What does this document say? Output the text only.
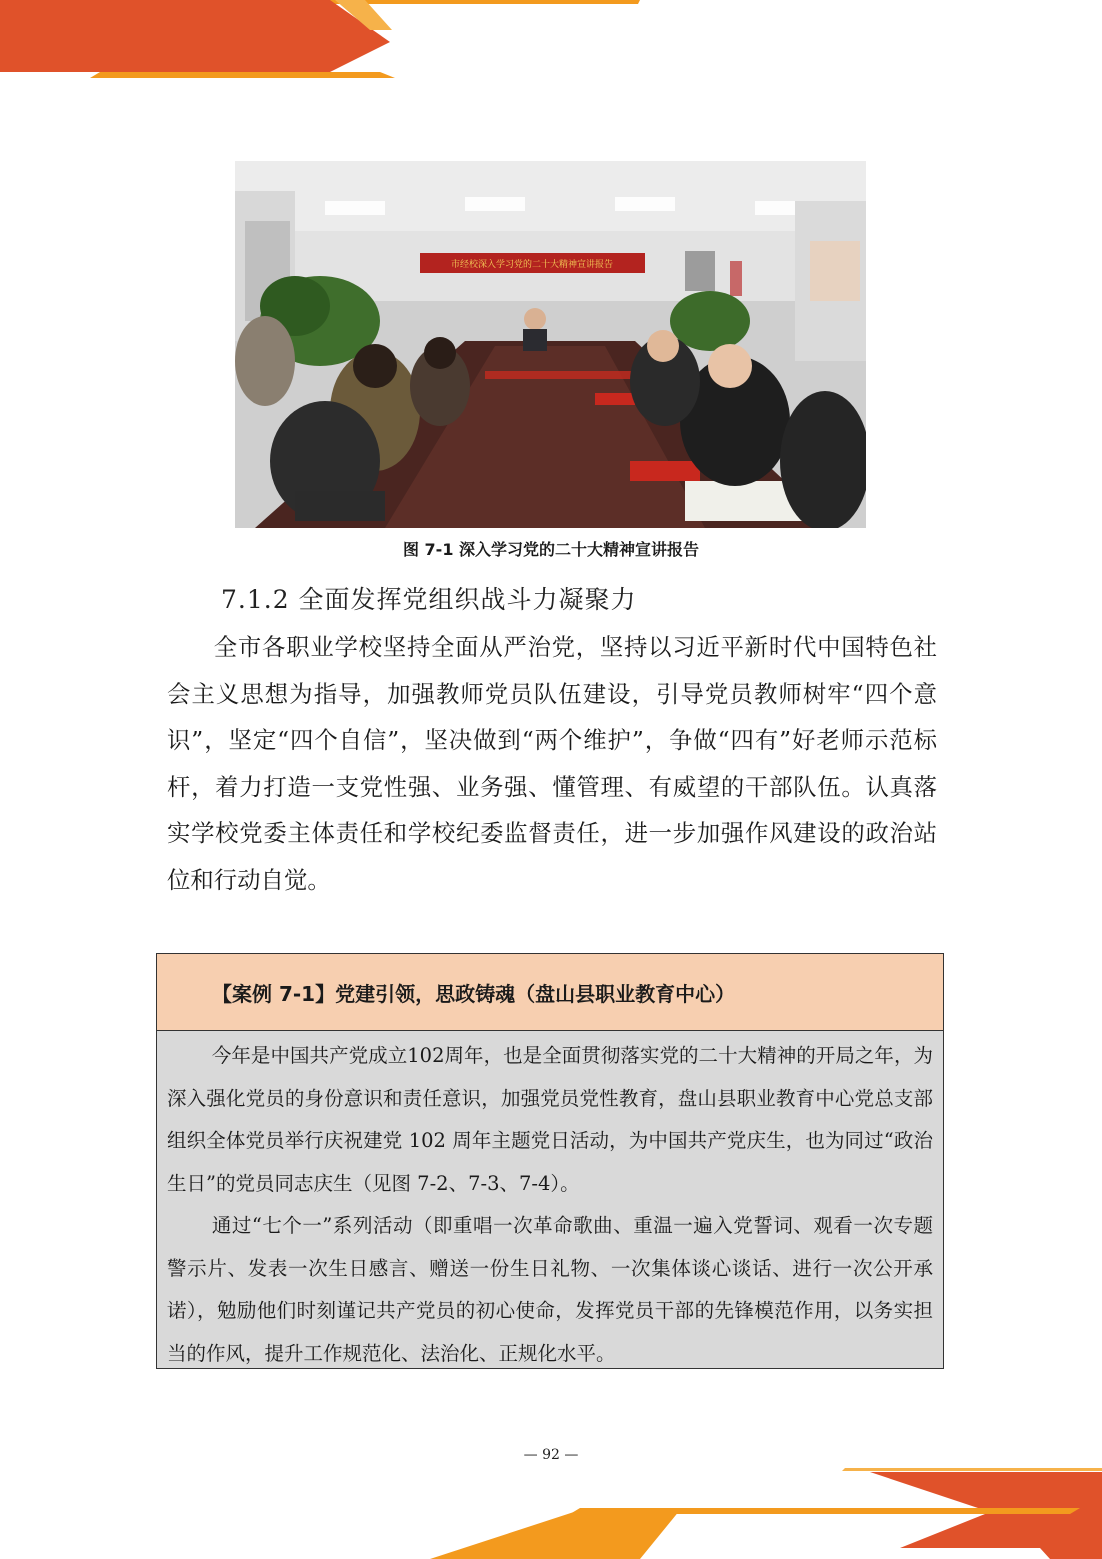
市经校深入学习党的二十大精神宣讲报告
图 7-1 深入学习党的二十大精神宣讲报告
7.1.2 全面发挥党组织战斗力凝聚力

全市各职业学校坚持全面从严治党，坚持以习近平新时代中国特色社会主义思想为指导，加强教师党员队伍建设，引导党员教师树牢“四个意识”，坚定“四个自信”，坚决做到“两个维护”，争做“四有”好老师示范标杆，着力打造一支党性强、业务强、懂管理、有威望的干部队伍。认真落实学校党委主体责任和学校纪委监督责任，进一步加强作风建设的政治站位和行动自觉。

【案例 7-1】党建引领，思政铸魂（盘山县职业教育中心）

今年是中国共产党成立102周年，也是全面贯彻落实党的二十大精神的开局之年，为深入强化党员的身份意识和责任意识，加强党员党性教育，盘山县职业教育中心党总支部组织全体党员举行庆祝建党 102 周年主题党日活动，为中国共产党庆生，也为同过“政治生日”的党员同志庆生（见图 7-2、7-3、7-4）。

通过“七个一”系列活动（即重唱一次革命歌曲、重温一遍入党誓词、观看一次专题警示片、发表一次生日感言、赠送一份生日礼物、一次集体谈心谈话、进行一次公开承诺），勉励他们时刻谨记共产党员的初心使命，发挥党员干部的先锋模范作用，以务实担当的作风，提升工作规范化、法治化、正规化水平。

— 92 —
